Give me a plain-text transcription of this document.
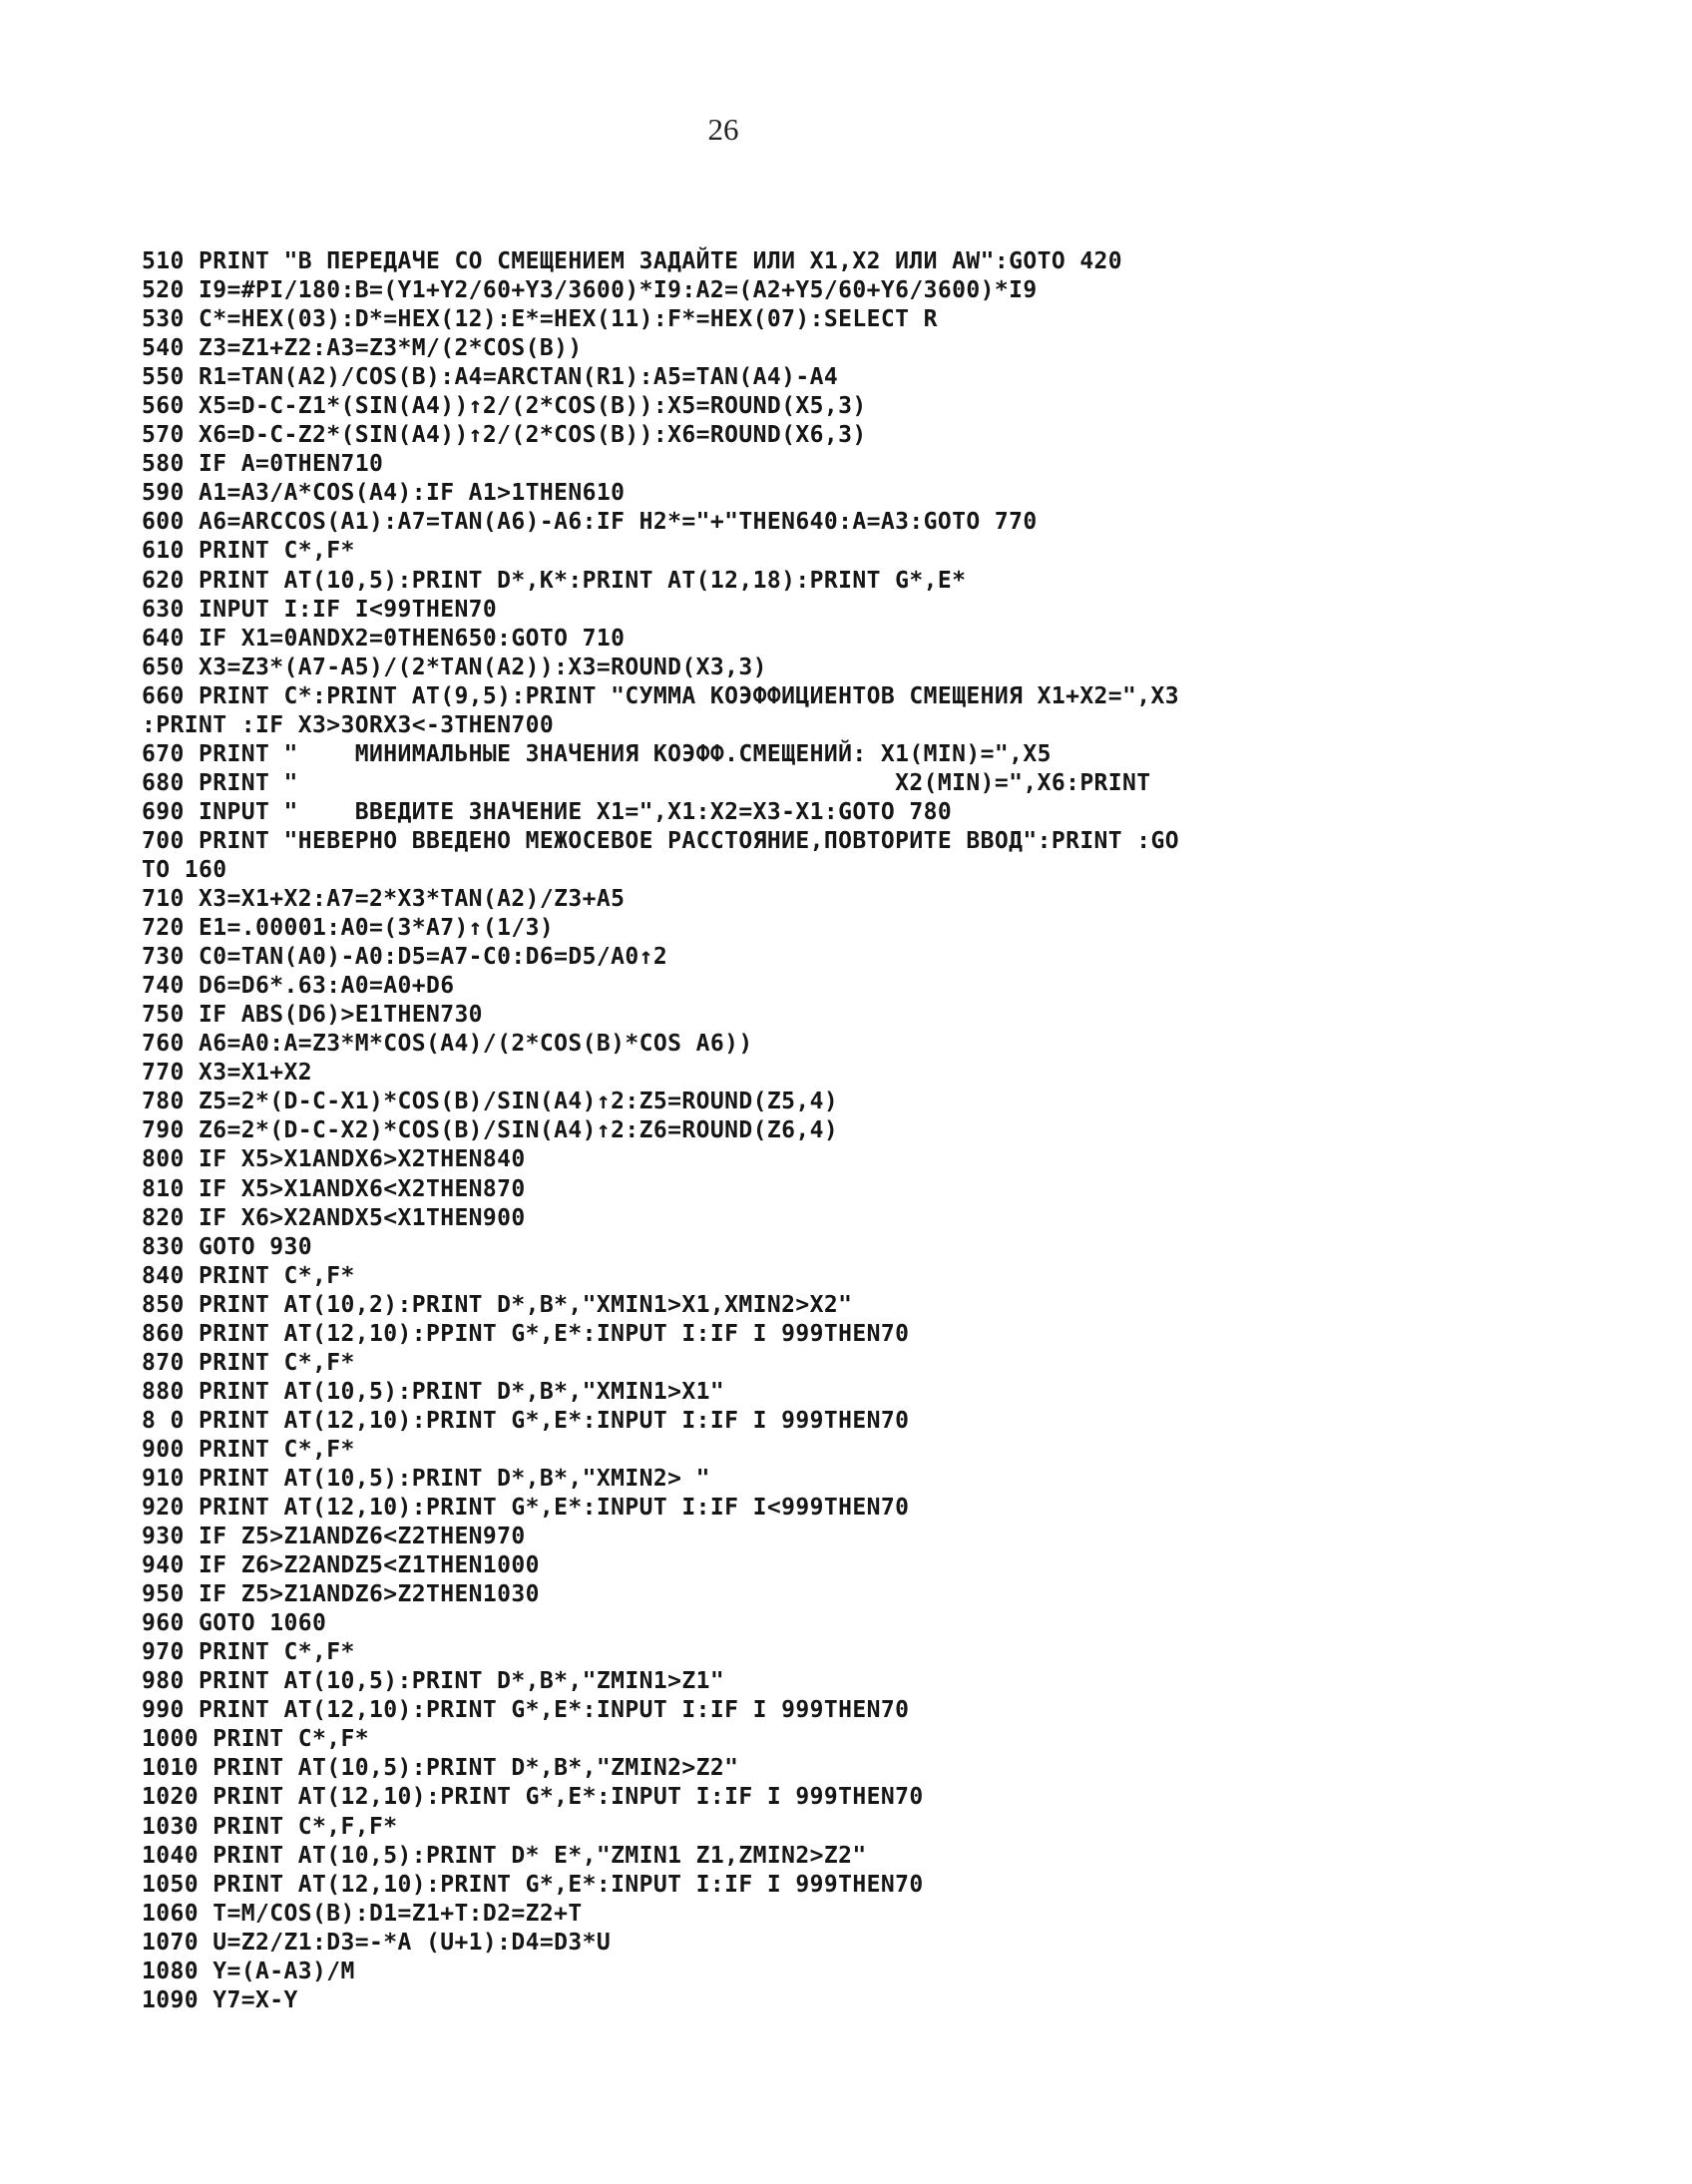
26
510 PRINT "В ПЕРЕДАЧЕ СО СМЕЩЕНИЕМ ЗАДАЙТЕ ИЛИ X1,X2 ИЛИ AW":GOTO 420
520 I9=#PI/180:B=(Y1+Y2/60+Y3/3600)*I9:A2=(A2+Y5/60+Y6/3600)*I9
530 C*=HEX(03):D*=HEX(12):E*=HEX(11):F*=HEX(07):SELECT R
540 Z3=Z1+Z2:A3=Z3*M/(2*COS(B))
550 R1=TAN(A2)/COS(B):A4=ARCTAN(R1):A5=TAN(A4)-A4
560 X5=D-C-Z1*(SIN(A4))↑2/(2*COS(B)):X5=ROUND(X5,3)
570 X6=D-C-Z2*(SIN(A4))↑2/(2*COS(B)):X6=ROUND(X6,3)
580 IF A=0THEN710
590 A1=A3/A*COS(A4):IF A1>1THEN610
600 A6=ARCCOS(A1):A7=TAN(A6)-A6:IF H2*="+"THEN640:A=A3:GOTO 770
610 PRINT C*,F*
620 PRINT AT(10,5):PRINT D*,K*:PRINT AT(12,18):PRINT G*,E*
630 INPUT I:IF I<99THEN70
640 IF X1=0ANDX2=0THEN650:GOTO 710
650 X3=Z3*(A7-A5)/(2*TAN(A2)):X3=ROUND(X3,3)
660 PRINT C*:PRINT AT(9,5):PRINT "СУММА КОЭФФИЦИЕНТОВ СМЕЩЕНИЯ X1+X2=",X3
:PRINT :IF X3>3ORX3<-3THEN700
670 PRINT "    МИНИМАЛЬНЫЕ ЗНАЧЕНИЯ КОЭФФ.СМЕЩЕНИЙ: X1(MIN)=",X5
680 PRINT "                                          X2(MIN)=",X6:PRINT
690 INPUT "    ВВЕДИТЕ ЗНАЧЕНИЕ X1=",X1:X2=X3-X1:GOTO 780
700 PRINT "НЕВЕРНО ВВЕДЕНО МЕЖОСЕВОЕ РАССТОЯНИЕ,ПОВТОРИТЕ ВВОД":PRINT :GO
TO 160
710 X3=X1+X2:A7=2*X3*TAN(A2)/Z3+A5
720 E1=.00001:A0=(3*A7)↑(1/3)
730 C0=TAN(A0)-A0:D5=A7-C0:D6=D5/A0↑2
740 D6=D6*.63:A0=A0+D6
750 IF ABS(D6)>E1THEN730
760 A6=A0:A=Z3*M*COS(A4)/(2*COS(B)*COS A6))
770 X3=X1+X2
780 Z5=2*(D-C-X1)*COS(B)/SIN(A4)↑2:Z5=ROUND(Z5,4)
790 Z6=2*(D-C-X2)*COS(B)/SIN(A4)↑2:Z6=ROUND(Z6,4)
800 IF X5>X1ANDX6>X2THEN840
810 IF X5>X1ANDX6<X2THEN870
820 IF X6>X2ANDX5<X1THEN900
830 GOTO 930
840 PRINT C*,F*
850 PRINT AT(10,2):PRINT D*,B*,"XMIN1>X1,XMIN2>X2"
860 PRINT AT(12,10):PPINT G*,E*:INPUT I:IF I 999THEN70
870 PRINT C*,F*
880 PRINT AT(10,5):PRINT D*,B*,"XMIN1>X1"
8 0 PRINT AT(12,10):PRINT G*,E*:INPUT I:IF I 999THEN70
900 PRINT C*,F*
910 PRINT AT(10,5):PRINT D*,B*,"XMIN2> "
920 PRINT AT(12,10):PRINT G*,E*:INPUT I:IF I<999THEN70
930 IF Z5>Z1ANDZ6<Z2THEN970
940 IF Z6>Z2ANDZ5<Z1THEN1000
950 IF Z5>Z1ANDZ6>Z2THEN1030
960 GOTO 1060
970 PRINT C*,F*
980 PRINT AT(10,5):PRINT D*,B*,"ZMIN1>Z1"
990 PRINT AT(12,10):PRINT G*,E*:INPUT I:IF I 999THEN70
1000 PRINT C*,F*
1010 PRINT AT(10,5):PRINT D*,B*,"ZMIN2>Z2"
1020 PRINT AT(12,10):PRINT G*,E*:INPUT I:IF I 999THEN70
1030 PRINT C*,F,F*
1040 PRINT AT(10,5):PRINT D* E*,"ZMIN1 Z1,ZMIN2>Z2"
1050 PRINT AT(12,10):PRINT G*,E*:INPUT I:IF I 999THEN70
1060 T=M/COS(B):D1=Z1+T:D2=Z2+T
1070 U=Z2/Z1:D3=-*A (U+1):D4=D3*U
1080 Y=(A-A3)/M
1090 Y7=X-Y
